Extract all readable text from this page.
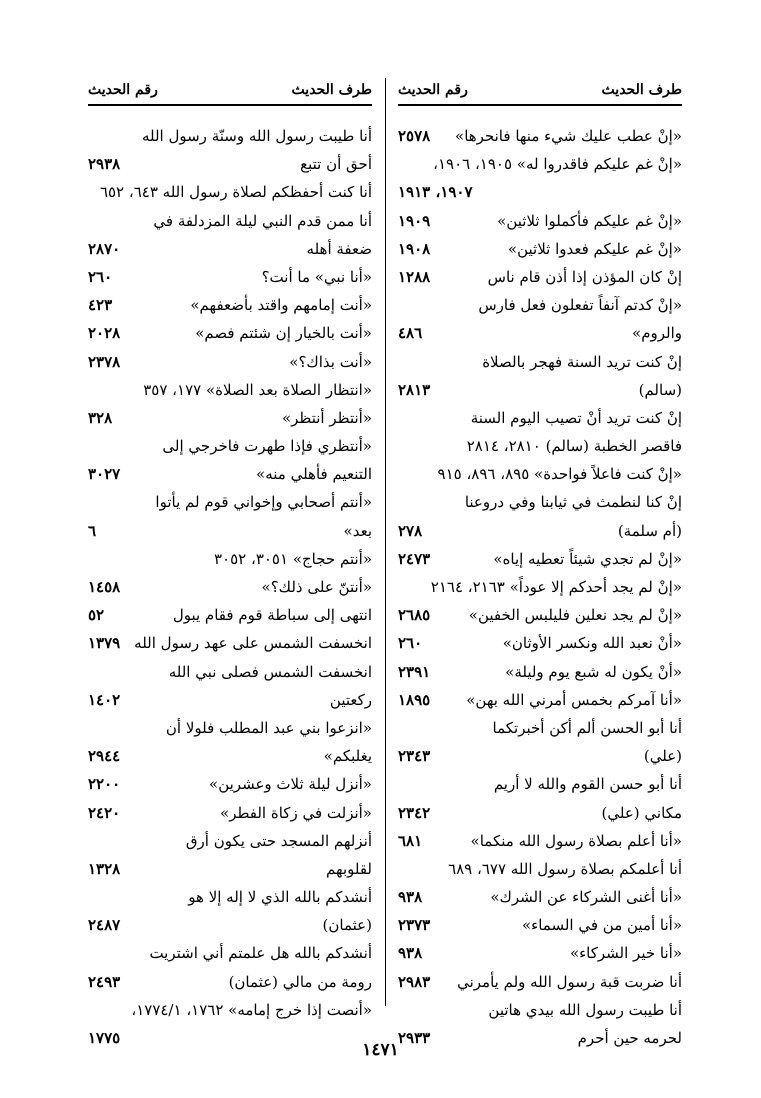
طرف الحديث
رقم الحديث
طرف الحديث
رقم الحديث
«إنْ عطب عليك شيء منها فانحرها»
٢٥٧٨
«إنْ غم عليكم فاقدروا له» ١٩٠٥، ١٩٠٦،
١٩٠٧، ١٩١٣
«إنْ غم عليكم فأكملوا ثلاثين»
١٩٠٩
«إنْ غم عليكم فعدوا ثلاثين»
١٩٠٨
إنْ كان المؤذن إذا أذن قام ناس
١٢٨٨
«إنْ كدتم آنفاً تفعلون فعل فارس
والروم»
٤٨٦
إنْ كنت تريد السنة فهجر بالصلاة
(سالم)
٢٨١٣
إنْ كنت تريد أنْ تصيب اليوم السنة
فاقصر الخطبة (سالم) ٢٨١٠، ٢٨١٤
«إنْ كنت فاعلاً فواحدة» ٨٩٥، ٨٩٦، ٩١٥
إنْ كنا لنطمث في ثيابنا وفي دروعنا
(أم سلمة)
٢٧٨
«إنْ لم تجدي شيئاً تعطيه إياه»
٢٤٧٣
«إنْ لم يجد أحدكم إلا عوداً» ٢١٦٣، ٢١٦٤
«إنْ لم يجد نعلين فليلبس الخفين»
٢٦٨٥
«أنْ نعبد الله ونكسر الأوثان»
٢٦٠
«أنْ يكون له شبع يوم وليلة»
٢٣٩١
«أنا آمركم بخمس أمرني الله بهن»
١٨٩٥
أنا أبو الحسن ألم أكن أخبرتكما
(علي)
٢٣٤٣
أنا أبو حسن القوم والله لا أريم
مكاني (علي)
٢٣٤٢
«أنا أعلم بصلاة رسول الله منكما»
٦٨١
أنا أعلمكم بصلاة رسول الله ٦٧٧، ٦٨٩
«أنا أغنى الشركاء عن الشرك»
٩٣٨
«أنا أمين من في السماء»
٢٣٧٣
«أنا خير الشركاء»
٩٣٨
أنا ضربت قبة رسول الله ولم يأمرني
٢٩٨٣
أنا طيبت رسول الله بيدي هاتين
لحرمه حين أحرم
٢٩٣٣
أنا طيبت رسول الله وسنّة رسول الله
أحق أن تتبع
٢٩٣٨
أنا كنت أحفظكم لصلاة رسول الله ٦٤٣، ٦٥٢
أنا ممن قدم النبي ليلة المزدلفة في
ضعفة أهله
٢٨٧٠
«أنا نبي» ما أنت؟
٢٦٠
«أنت إمامهم واقتد بأضعفهم»
٤٢٣
«أنت بالخيار إن شئتم فصم»
٢٠٢٨
«أنت بذاك؟»
٢٣٧٨
«انتظار الصلاة بعد الصلاة» ١٧٧، ٣٥٧
«أنتظر أنتظر»
٣٢٨
«أنتظري فإذا طهرت فاخرجي إلى
التنعيم فأهلي منه»
٣٠٢٧
«أنتم أصحابي وإخواني قوم لم يأتوا
بعد»
٦
«أنتم حجاج» ٣٠٥١، ٣٠٥٢
«أنتنّ على ذلك؟»
١٤٥٨
انتهى إلى سباطة قوم فقام يبول
٥٢
انخسفت الشمس على عهد رسول الله
١٣٧٩
انخسفت الشمس فصلى نبي الله
ركعتين
١٤٠٢
«انزعوا بني عبد المطلب فلولا أن
يغلبكم»
٢٩٤٤
«أنزل ليلة ثلاث وعشرين»
٢٢٠٠
«أنزلت في زكاة الفطر»
٢٤٢٠
أنزلهم المسجد حتى يكون أرق
لقلوبهم
١٣٢٨
أنشدكم بالله الذي لا إله إلا هو
(عثمان)
٢٤٨٧
أنشدكم بالله هل علمتم أني اشتريت
رومة من مالي (عثمان)
٢٤٩٣
«أنصت إذا خرج إمامه» ١٧٦٢، ١٧٧٤/١،
١٧٧٥
١٤٧١
